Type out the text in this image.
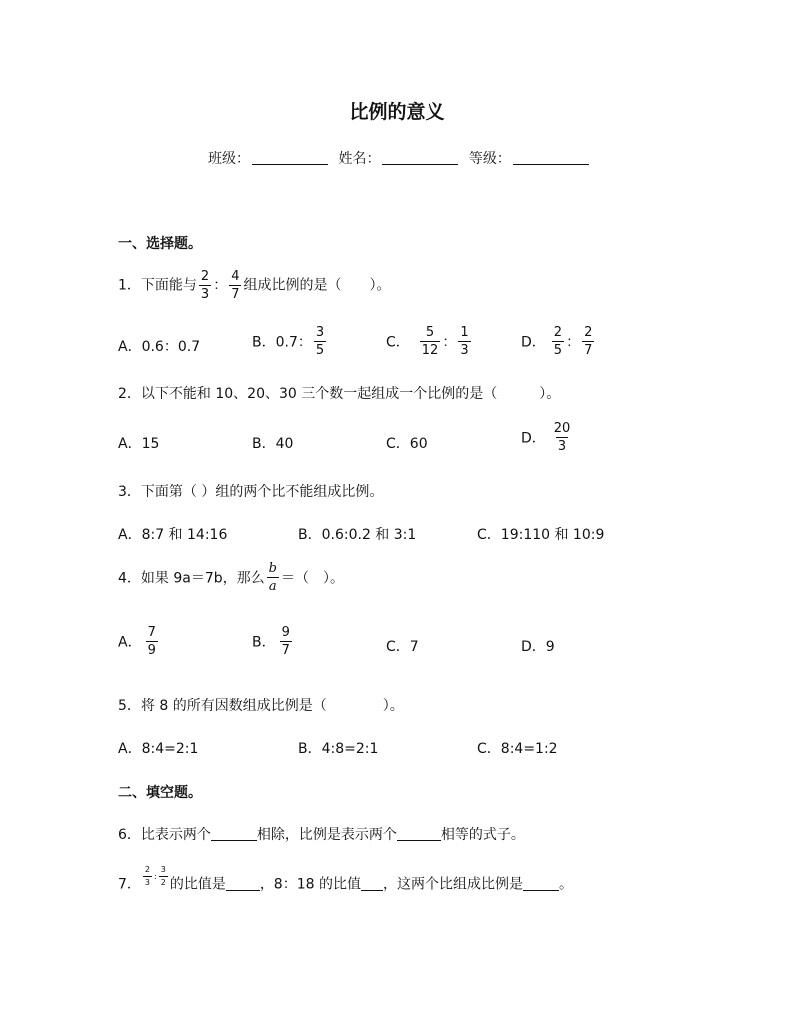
比例的意义
班级：	姓名：	等级：
一、选择题。
1．下面能与 $\frac{2}{3}$ ： $\frac{4}{7}$ 组成比例的是（　　）。
A．0.6：0.7	B．0.7： $\frac{3}{5}$	C． $\frac{5}{12}$ ： $\frac{1}{3}$	D． $\frac{2}{5}$ ： $\frac{2}{7}$
2．以下不能和 10、20、30 三个数一起组成一个比例的是（　　　）。
A．15	B．40	C．60	D． $\frac{20}{3}$
3．下面第（ ）组的两个比不能组成比例。
A．8:7 和 14:16	B．0.6:0.2 和 3:1	C．19:110 和 10:9
4．如果 9a＝7b，那么 $\frac{b}{a}$ ＝（　）。
A． $\frac{7}{9}$	B． $\frac{9}{7}$	C．7	D．9
5．将 8 的所有因数组成比例是（　　　　）。
A．8:4=2:1	B．4:8=2:1	C．8:4=1:2
二、填空题。
6．比表示两个	相除，比例是表示两个	相等的式子。
7． $\frac{2}{3}$ : $\frac{3}{2}$ 的比值是 ，8：18 的比值 ，这两个比组成比例是	。
